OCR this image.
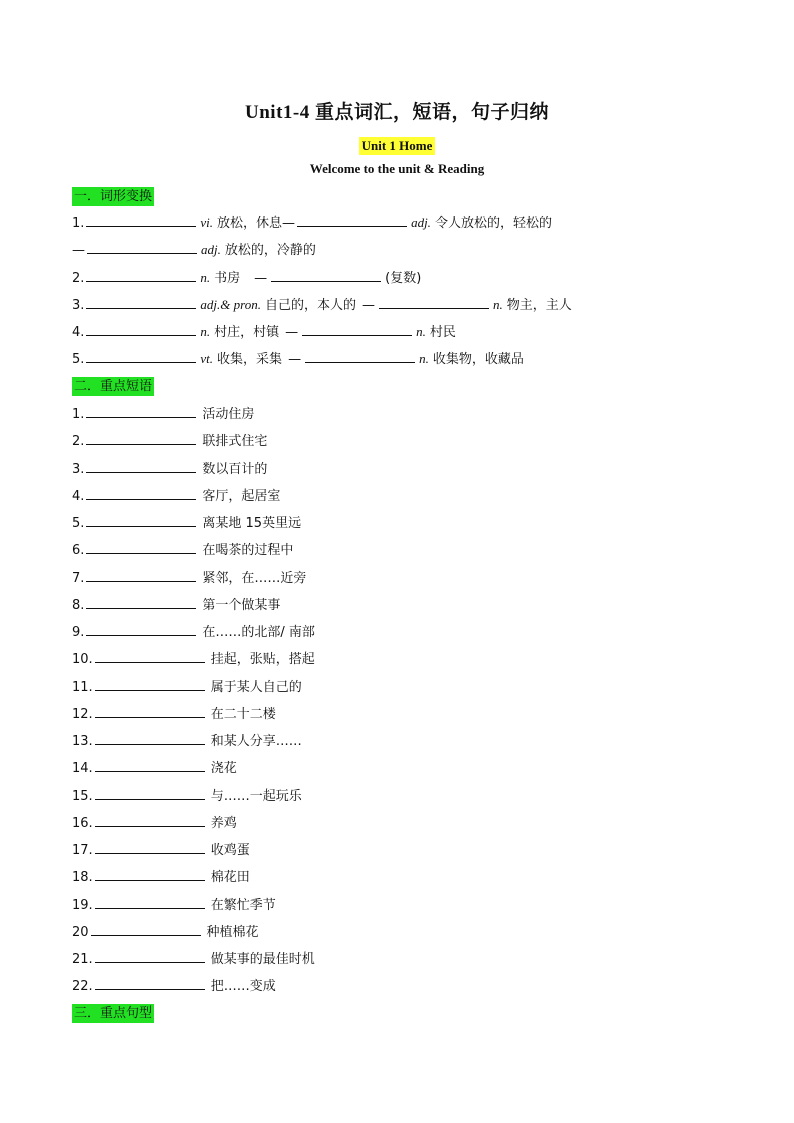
Unit1-4 重点词汇，短语，句子归纳
Unit 1 Home
Welcome to the unit & Reading
一．词形变换
1.	vi. 放松，休息—	adj. 令人放松的，轻松的
—	adj. 放松的，冷静的
2.	n. 书房 —	(复数)
3.	adj.& pron. 自己的，本人的 —	n. 物主，主人
4.	n. 村庄，村镇 —	n. 村民
5.	vt. 收集，采集 —	n. 收集物，收藏品
二．重点短语
1.	活动住房
2.	联排式住宅
3.	数以百计的
4.	客厅，起居室
5.	离某地 15英里远
6.	在喝茶的过程中
7.	紧邻，在……近旁
8.	第一个做某事
9.	在……的北部/ 南部
10.	挂起，张贴，搭起
11.	属于某人自己的
12.	在二十二楼
13.	和某人分享……
14.	浇花
15.	与……一起玩乐
16.	养鸡
17.	收鸡蛋
18.	棉花田
19.	在繁忙季节
20	种植棉花
21.	做某事的最佳时机
22.	把……变成
三．重点句型
